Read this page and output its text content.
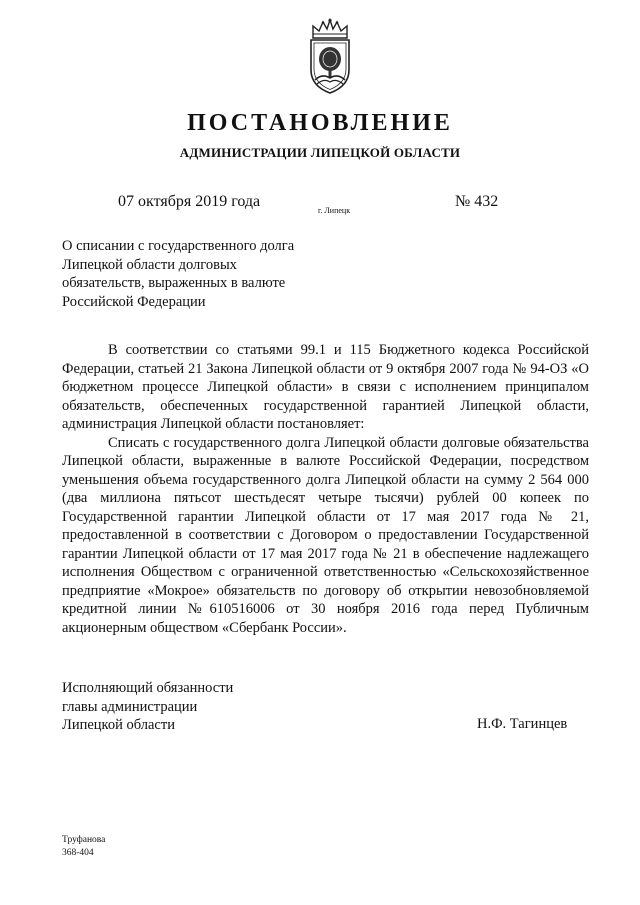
ПОСТАНОВЛЕНИЕ
АДМИНИСТРАЦИИ ЛИПЕЦКОЙ ОБЛАСТИ
07 октября 2019 года
г. Липецк
№ 432
О списании с государственного долга
Липецкой области долговых
обязательств, выраженных в валюте
Российской Федерации

В соответствии со статьями 99.1 и 115 Бюджетного кодекса Российской Федерации, статьей 21 Закона Липецкой области от 9 октября 2007 года № 94-ОЗ «О бюджетном процессе Липецкой области» в связи с исполнением принципалом обязательств, обеспеченных государственной гарантией Липецкой области, администрация Липецкой области постановляет:

Списать с государственного долга Липецкой области долговые обязательства Липецкой области, выраженные в валюте Российской Федерации, посредством уменьшения объема государственного долга Липецкой области на сумму 2 564 000 (два миллиона пятьсот шестьдесят четыре тысячи) рублей 00 копеек по Государственной гарантии Липецкой области от 17 мая 2017 года № 21, предоставленной в соответствии с Договором о предоставлении Государственной гарантии Липецкой области от 17 мая 2017 года № 21 в обеспечение надлежащего исполнения Обществом с ограниченной ответственностью «Сельскохозяйственное предприятие «Мокрое» обязательств по договору об открытии невозобновляемой кредитной линии №610516006 от 30 ноября 2016 года перед Публичным акционерным обществом «Сбербанк России».

Исполняющий обязанности
главы администрации
Липецкой области	Н.Ф. Тагинцев
Труфанова
368-404
